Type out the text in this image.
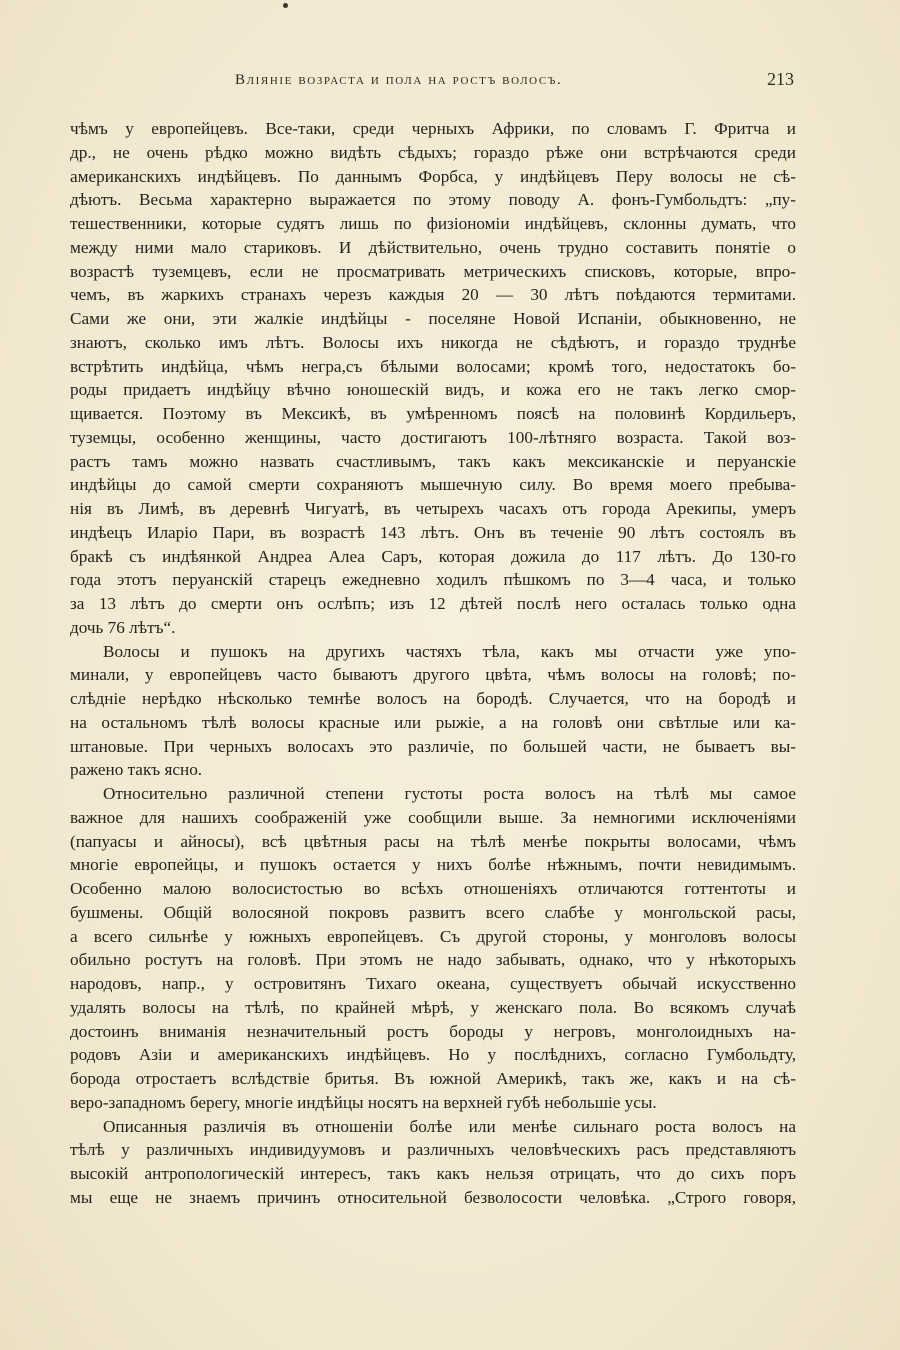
Вліяніе возраста и пола на ростъ волосъ.	213
чѣмъ у европейцевъ. Все-таки, среди черныхъ Африки, по словамъ Г. Фритча и
др., не очень рѣдко можно видѣть сѣдыхъ; гораздо рѣже они встрѣчаются среди
американскихъ индѣйцевъ. По даннымъ Форбса, у индѣйцевъ Перу волосы не сѣ-
дѣютъ. Весьма характерно выражается по этому поводу А. фонъ-Гумбольдтъ: „пу-
тешественники, которые судятъ лишь по физіономіи индѣйцевъ, склонны думать, что
между ними мало стариковъ. И дѣйствительно, очень трудно составить понятіе о
возрастѣ туземцевъ, если не просматривать метрическихъ списковъ, которые, впро-
чемъ, въ жаркихъ странахъ черезъ каждыя 20 — 30 лѣтъ поѣдаются термитами.
Сами же они, эти жалкіе индѣйцы - поселяне Новой Испаніи, обыкновенно, не
знаютъ, сколько имъ лѣтъ. Волосы ихъ никогда не сѣдѣютъ, и гораздо труднѣе
встрѣтить индѣйца, чѣмъ негра,съ бѣлыми волосами; кромѣ того, недостатокъ бо-
роды придаетъ индѣйцу вѣчно юношескій видъ, и кожа его не такъ легко смор-
щивается. Поэтому въ Мексикѣ, въ умѣренномъ поясѣ на половинѣ Кордильеръ,
туземцы, особенно женщины, часто достигаютъ 100-лѣтняго возраста. Такой воз-
растъ тамъ можно назвать счастливымъ, такъ какъ мексиканскіе и перуанскіе
индѣйцы до самой смерти сохраняютъ мышечную силу. Во время моего пребыва-
нія въ Лимѣ, въ деревнѣ Чигуатѣ, въ четырехъ часахъ отъ города Арекипы, умеръ
индѣецъ Иларіо Пари, въ возрастѣ 143 лѣтъ. Онъ въ теченіе 90 лѣтъ состоялъ въ
бракѣ съ индѣянкой Андреа Алеа Саръ, которая дожила до 117 лѣтъ. До 130-го
года этотъ перуанскій старецъ ежедневно ходилъ пѣшкомъ по 3—4 часа, и только
за 13 лѣтъ до смерти онъ ослѣпъ; изъ 12 дѣтей послѣ него осталась только одна
дочь 76 лѣтъ“.
Волосы и пушокъ на другихъ частяхъ тѣла, какъ мы отчасти уже упо-
минали, у европейцевъ часто бываютъ другого цвѣта, чѣмъ волосы на головѣ; по-
слѣдніе нерѣдко нѣсколько темнѣе волосъ на бородѣ. Случается, что на бородѣ и
на остальномъ тѣлѣ волосы красные или рыжіе, а на головѣ они свѣтлые или ка-
штановые. При черныхъ волосахъ это различіе, по большей части, не бываетъ вы-
ражено такъ ясно.
Относительно различной степени густоты роста волосъ на тѣлѣ мы самое
важное для нашихъ соображеній уже сообщили выше. За немногими исключеніями
(папуасы и айносы), всѣ цвѣтныя расы на тѣлѣ менѣе покрыты волосами, чѣмъ
многіе европейцы, и пушокъ остается у нихъ болѣе нѣжнымъ, почти невидимымъ.
Особенно малою волосистостью во всѣхъ отношеніяхъ отличаются готтентоты и
бушмены. Общій волосяной покровъ развитъ всего слабѣе у монгольской расы,
а всего сильнѣе у южныхъ европейцевъ. Съ другой стороны, у монголовъ волосы
обильно ростутъ на головѣ. При этомъ не надо забывать, однако, что у нѣкоторыхъ
народовъ, напр., у островитянъ Тихаго океана, существуетъ обычай искусственно
удалять волосы на тѣлѣ, по крайней мѣрѣ, у женскаго пола. Во всякомъ случаѣ
достоинъ вниманія незначительный ростъ бороды у негровъ, монголоидныхъ на-
родовъ Азіи и американскихъ индѣйцевъ. Но у послѣднихъ, согласно Гумбольдту,
борода отростаетъ вслѣдствіе бритья. Въ южной Америкѣ, такъ же, какъ и на сѣ-
веро-западномъ берегу, многіе индѣйцы носятъ на верхней губѣ небольшіе усы.
Описанныя различія въ отношеніи болѣе или менѣе сильнаго роста волосъ на
тѣлѣ у различныхъ индивидуумовъ и различныхъ человѣческихъ расъ представляютъ
высокій антропологическій интересъ, такъ какъ нельзя отрицать, что до сихъ поръ
мы еще не знаемъ причинъ относительной безволосости человѣка. „Строго говоря,
